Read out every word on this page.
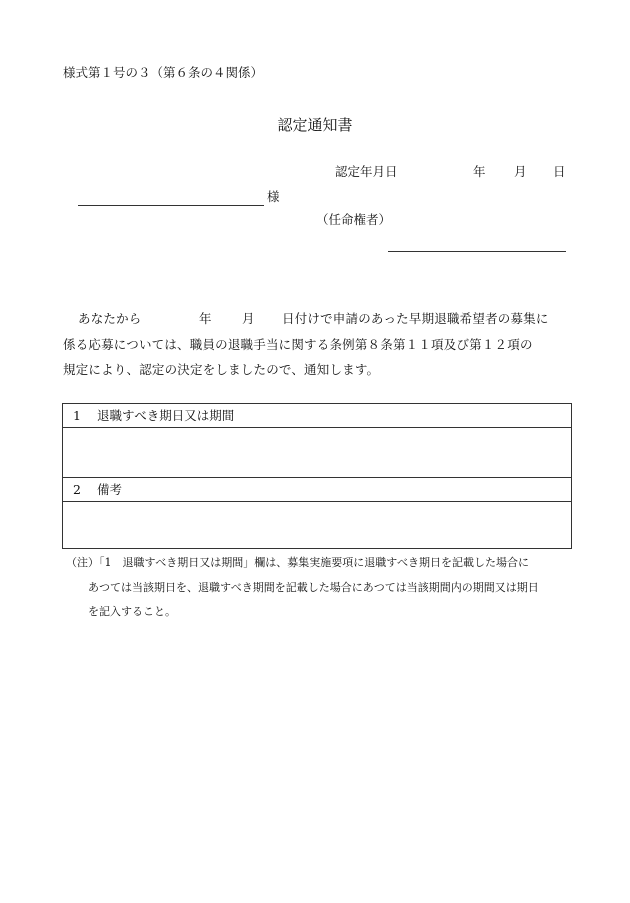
様式第１号の３（第６条の４関係）
認定通知書
認定年月日	年 月 日
様
（任命権者）
あなたから	年 月 日付けで申請のあった早期退職希望者の募集に
係る応募については、職員の退職手当に関する条例第８条第１１項及び第１２項の
規定により、認定の決定をしましたので、通知します。
1 退職すべき期日又は期間
2 備考
（注）「1　退職すべき期日又は期間」欄は、募集実施要項に退職すべき期日を記載した場合に
あつては当該期日を、退職すべき期間を記載した場合にあつては当該期間内の期間又は期日
を記入すること。
